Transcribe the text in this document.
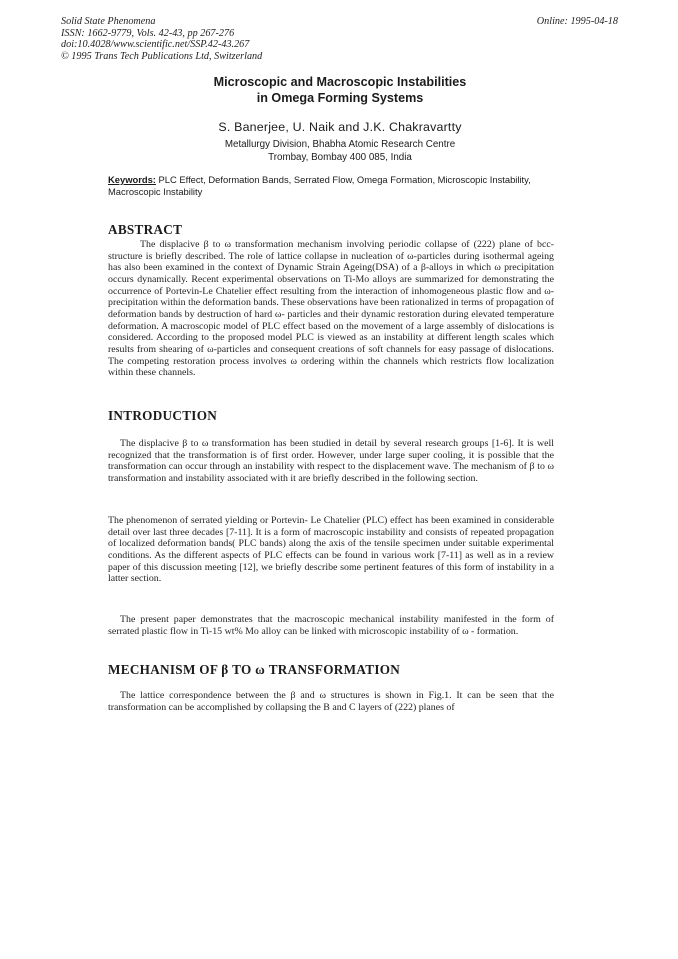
Solid State Phenomena
ISSN: 1662-9779, Vols. 42-43, pp 267-276
doi:10.4028/www.scientific.net/SSP.42-43.267
© 1995 Trans Tech Publications Ltd, Switzerland
Online: 1995-04-18
Microscopic and Macroscopic Instabilities
in Omega Forming Systems
S. Banerjee, U. Naik and J.K. Chakravartty
Metallurgy Division, Bhabha Atomic Research Centre
Trombay, Bombay 400 085, India
Keywords: PLC Effect, Deformation Bands, Serrated Flow, Omega Formation, Microscopic Instability, Macroscopic Instability
ABSTRACT
The displacive β to ω transformation mechanism involving periodic collapse of (222) plane of bcc-structure is briefly described. The role of lattice collapse in nucleation of ω-particles during isothermal ageing has also been examined in the context of Dynamic Strain Ageing(DSA) of a β-alloys in which ω precipitation occurs dynamically. Recent experimental observations on Ti-Mo alloys are summarized for demonstrating the occurrence of Portevin-Le Chatelier effect resulting from the interaction of inhomogeneous plastic flow and ω-precipitation within the deformation bands. These observations have been rationalized in terms of propagation of deformation bands by destruction of hard ω- particles and their dynamic restoration during elevated temperature deformation. A macroscopic model of PLC effect based on the movement of a large assembly of dislocations is considered. According to the proposed model PLC is viewed as an instability at different length scales which results from shearing of ω-particles and consequent creations of soft channels for easy passage of dislocations. The competing restoration process involves ω ordering within the channels which restricts flow localization within these channels.
INTRODUCTION
The displacive β to ω transformation has been studied in detail by several research groups [1-6]. It is well recognized that the transformation is of first order. However, under large super cooling, it is possible that the transformation can occur through an instability with respect to the displacement wave. The mechanism of β to ω transformation and instability associated with it are briefly described in the following section.
The phenomenon of serrated yielding or Portevin- Le Chatelier (PLC) effect has been examined in considerable detail over last three decades [7-11]. It is a form of macroscopic instability and consists of repeated propagation of localized deformation bands( PLC bands) along the axis of the tensile specimen under suitable experimental conditions. As the different aspects of PLC effects can be found in various work [7-11] as well as in a review paper of this discussion meeting [12], we briefly describe some pertinent features of this form of instability in a latter section.
The present paper demonstrates that the macroscopic mechanical instability manifested in the form of serrated plastic flow in Ti-15 wt% Mo alloy can be linked with microscopic instability of ω - formation.
MECHANISM OF β TO ω TRANSFORMATION
The lattice correspondence between the β and ω structures is shown in Fig.1. It can be seen that the transformation can be accomplished by collapsing the B and C layers of (222) planes of
